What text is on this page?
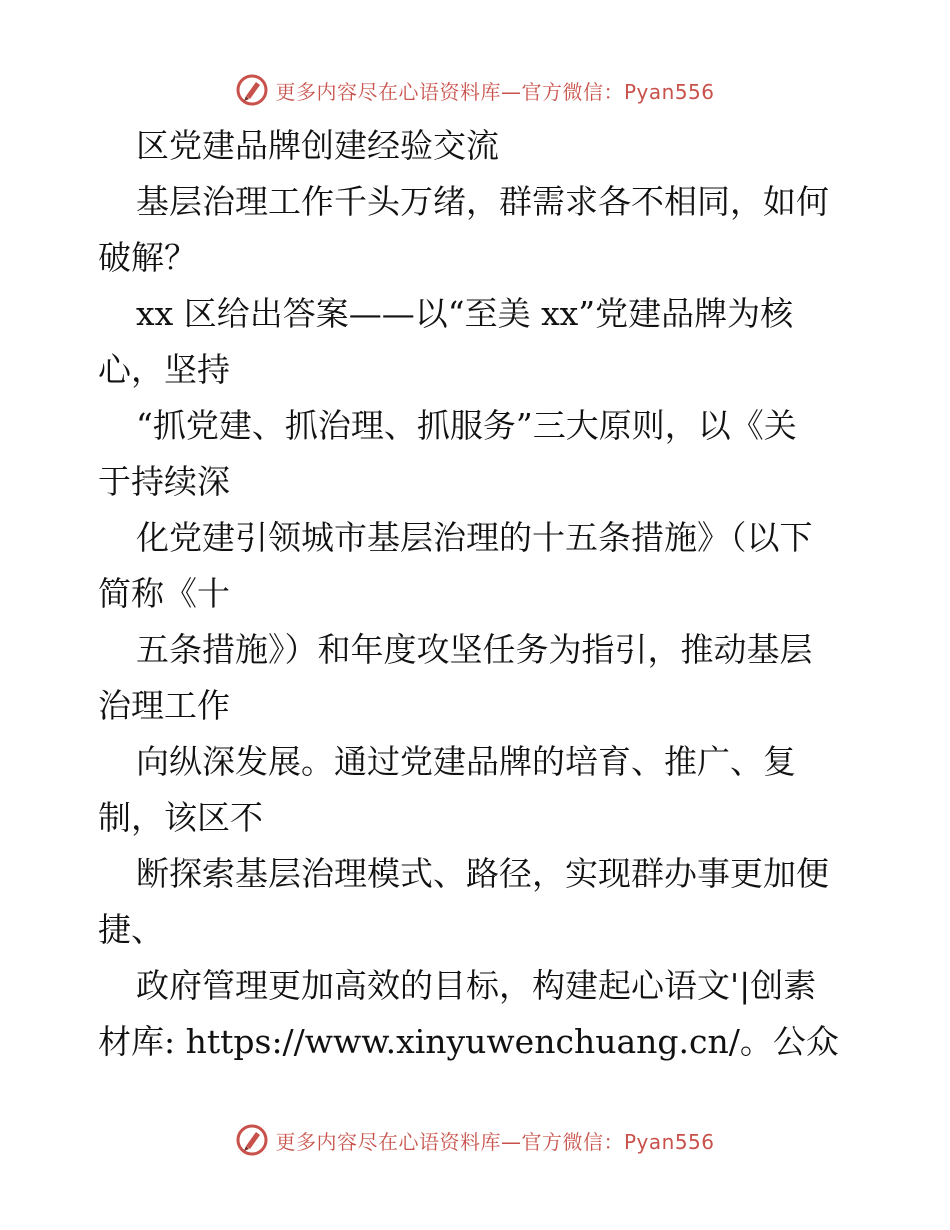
更多内容尽在心语资料库—官方微信：Pyan556
区党建品牌创建经验交流
基层治理工作千头万绪，群需求各不相同，如何
破解？
xx 区给出答案——以“至美 xx”党建品牌为核
心，坚持
“抓党建、抓治理、抓服务”三大原则，以《关
于持续深
化党建引领城市基层治理的十五条措施》（以下
简称《十
五条措施》）和年度攻坚任务为指引，推动基层
治理工作
向纵深发展。通过党建品牌的培育、推广、复
制，该区不
断探索基层治理模式、路径，实现群办事更加便
捷、
政府管理更加高效的目标，构建起心语文'|创素
材库: https://www.xinyuwenchuang.cn/。公众
更多内容尽在心语资料库—官方微信：Pyan556
